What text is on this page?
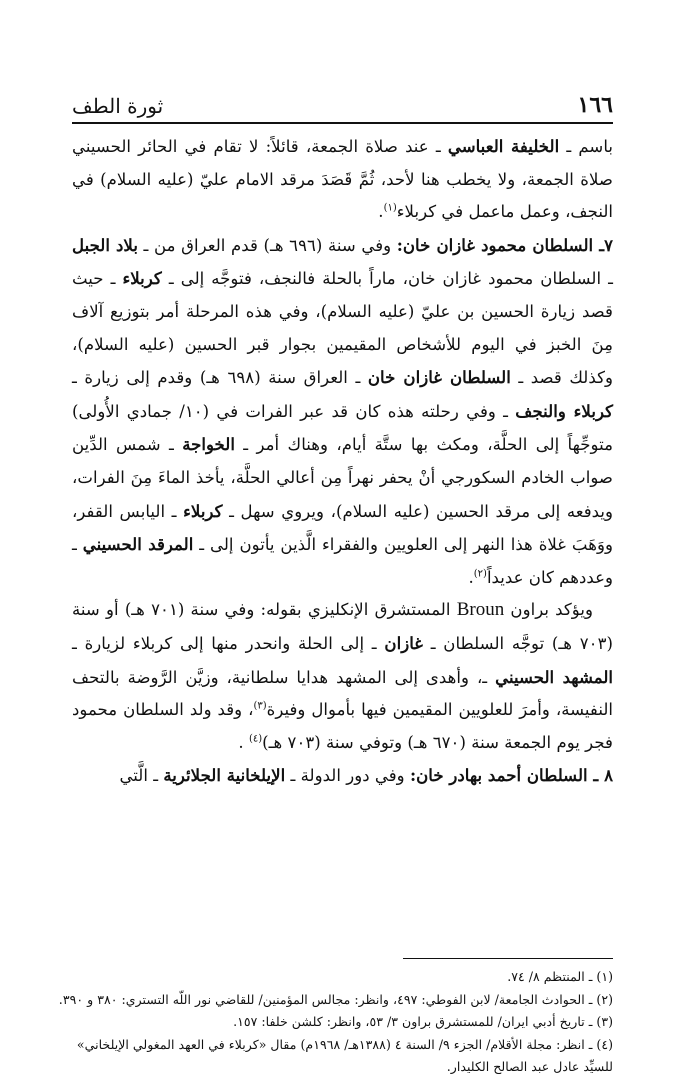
١٦٦
ثورة الطف

باسم ـ الخليفة العباسي ـ عند صلاة الجمعة، قائلاً: لا تقام في الحائر الحسيني صلاة الجمعة، ولا يخطب هنا لأحد، ثُمَّ قَصَدَ مرقد الامام عليّ (عليه السلام) في النجف، وعمل ماعمل في كربلاء$^{(١)}$.

٧ـ السلطان محمود غازان خان: وفي سنة (٦٩٦ هـ) قدم العراق من ـ بلاد الجبل ـ السلطان محمود غازان خان، ماراً بالحلة فالنجف، فتوجَّه إلى ـ كربلاء ـ حيث قصد زيارة الحسين بن عليّ (عليه السلام)، وفي هذه المرحلة أمر بتوزيع آلاف مِنَ الخبز في اليوم للأشخاص المقيمين بجوار قبر الحسين (عليه السلام)، وكذلك قصد ـ السلطان غازان خان ـ العراق سنة (٦٩٨ هـ) وقدم إلى زيارة ـ كربلاء والنجف ـ وفي رحلته هذه كان قد عبر الفرات في (١٠/ جمادي الأُولى) متوجِّهاً إلى الحلَّة، ومكث بها ستَّة أيام، وهناك أمر ـ الخواجة ـ شمس الدِّين صواب الخادم السكورجي أنْ يحفر نهراً مِن أعالي الحلَّة، يأخذ الماءَ مِنَ الفرات، ويدفعه إلى مرقد الحسين (عليه السلام)، ويروي سهل ـ كربلاء ـ اليابس القفر، ووَهَبَ غلاة هذا النهر إلى العلويين والفقراء الَّذين يأتون إلى ـ المرقد الحسيني ـ وعددهم كان عديداً$^{(٢)}$.

ويؤكد براون Broun المستشرق الإنكليزي بقوله: وفي سنة (٧٠١ هـ) أو سنة (٧٠٣ هـ) توجَّه السلطان ـ غازان ـ إلى الحلة وانحدر منها إلى كربلاء لزيارة ـ المشهد الحسيني ـ، وأهدى إلى المشهد هدايا سلطانية، وزيَّن الرَّوضة بالتحف النفيسة، وأمرَ للعلويين المقيمين فيها بأموال وفيرة$^{(٣)}$، وقد ولد السلطان محمود فجر يوم الجمعة سنة (٦٧٠ هـ) وتوفي سنة (٧٠٣ هـ)$^{(٤)}$ .

٨ ـ السلطان أحمد بهادر خان: وفي دور الدولة ـ الإيلخانية الجلائرية ـ الَّتي

(١) ـ المنتظم ٨/ ٧٤.

(٢) ـ الحوادث الجامعة/ لابن الفوطي: ٤٩٧، وانظر: مجالس المؤمنين/ للقاضي نور اللّه التستري: ٣٨٠ و ٣٩٠.

(٣) ـ تاريخ أدبي ايران/ للمستشرق براون ٣/ ٥٣، وانظر: كلشن خلفا: ١٥٧.

(٤) ـ انظر: مجلة الأقلام/ الجزء ٩/ السنة ٤ (١٣٨٨هـ/ ١٩٦٨م) مقال «كربلاء في العهد المغولي الإيلخاني»

للسيِّد عادل عبد الصالح الكليدار.
